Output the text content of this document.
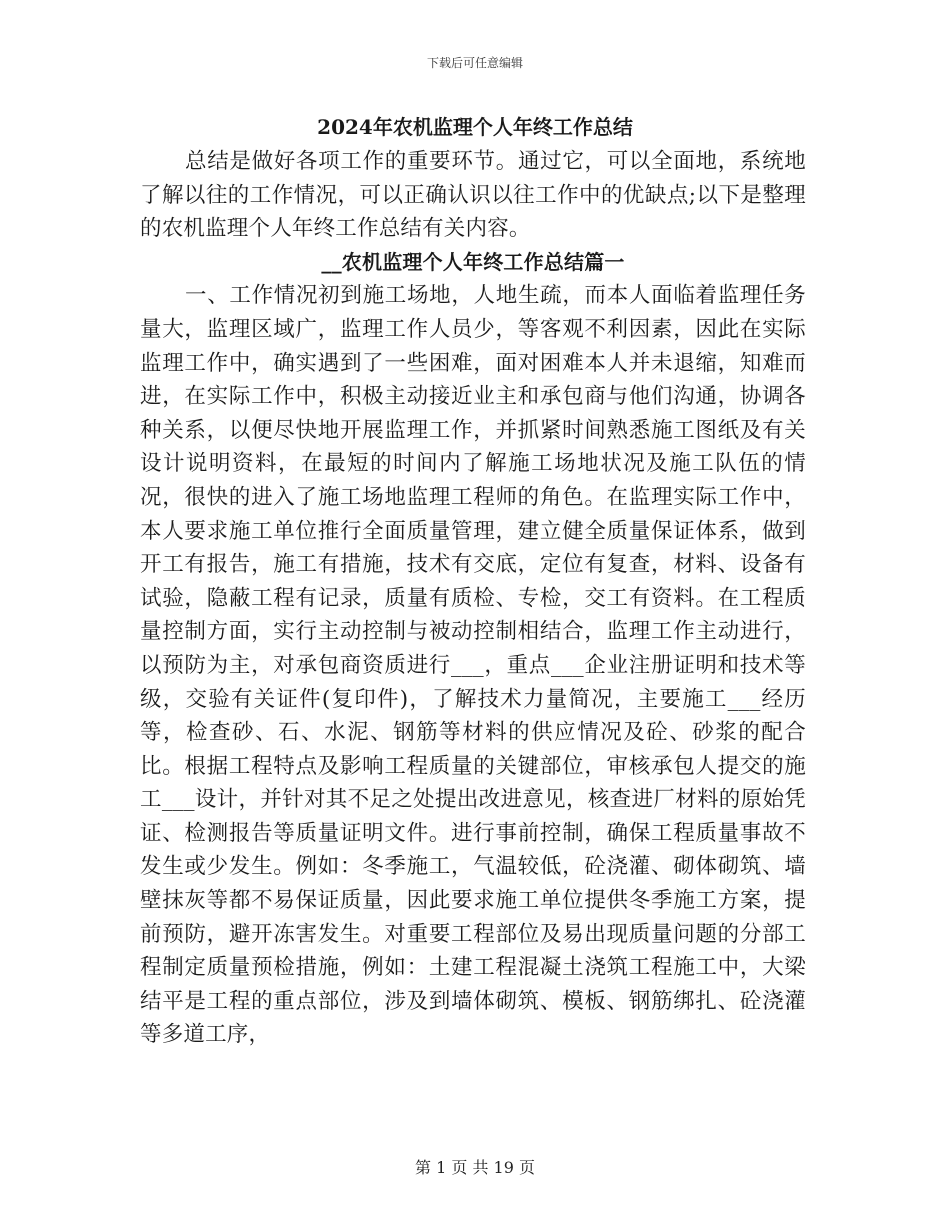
下载后可任意编辑
2024年农机监理个人年终工作总结

总结是做好各项工作的重要环节。通过它，可以全面地，系统地了解以往的工作情况，可以正确认识以往工作中的优缺点;以下是整理的农机监理个人年终工作总结有关内容。

__农机监理个人年终工作总结篇一

一、工作情况初到施工场地，人地生疏，而本人面临着监理任务量大，监理区域广，监理工作人员少，等客观不利因素，因此在实际监理工作中，确实遇到了一些困难，面对困难本人并未退缩，知难而进，在实际工作中，积极主动接近业主和承包商与他们沟通，协调各种关系，以便尽快地开展监理工作，并抓紧时间熟悉施工图纸及有关设计说明资料，在最短的时间内了解施工场地状况及施工队伍的情况，很快的进入了施工场地监理工程师的角色。在监理实际工作中，本人要求施工单位推行全面质量管理，建立健全质量保证体系，做到开工有报告，施工有措施，技术有交底，定位有复查，材料、设备有试验，隐蔽工程有记录，质量有质检、专检，交工有资料。在工程质量控制方面，实行主动控制与被动控制相结合，监理工作主动进行，以预防为主，对承包商资质进行___，重点___企业注册证明和技术等级，交验有关证件(复印件)，了解技术力量简况，主要施工___经历等，检查砂、石、水泥、钢筋等材料的供应情况及砼、砂浆的配合比。根据工程特点及影响工程质量的关键部位，审核承包人提交的施工___设计，并针对其不足之处提出改进意见，核查进厂材料的原始凭证、检测报告等质量证明文件。进行事前控制，确保工程质量事故不发生或少发生。例如：冬季施工，气温较低，砼浇灌、砌体砌筑、墙壁抹灰等都不易保证质量，因此要求施工单位提供冬季施工方案，提前预防，避开冻害发生。对重要工程部位及易出现质量问题的分部工程制定质量预检措施，例如：土建工程混凝土浇筑工程施工中，大梁结平是工程的重点部位，涉及到墙体砌筑、模板、钢筋绑扎、砼浇灌等多道工序，

第 1 页 共 19 页
